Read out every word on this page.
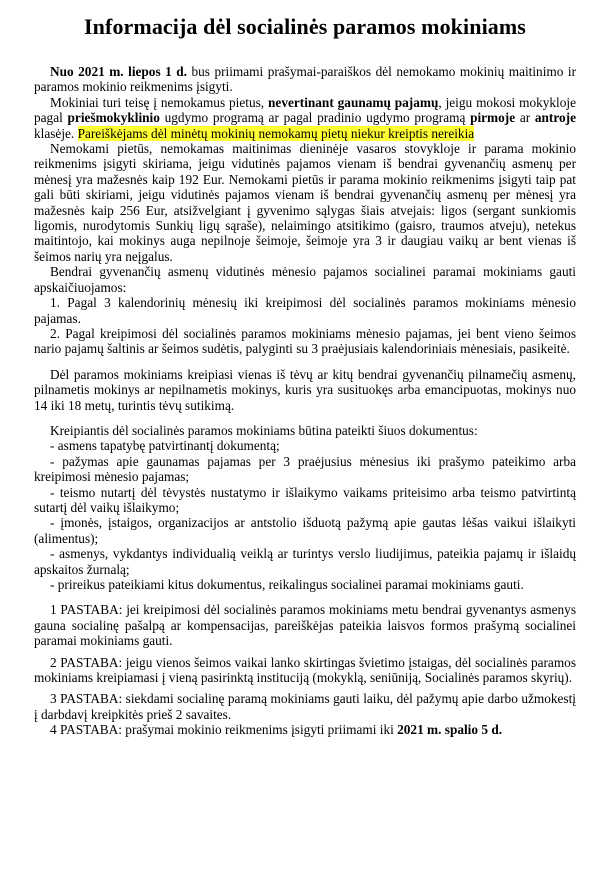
Informacija dėl socialinės paramos mokiniams

Nuo 2021 m. liepos 1 d. bus priimami prašymai-paraiškos dėl nemokamo mokinių maitinimo ir paramos mokinio reikmenims įsigyti.

Mokiniai turi teisę į nemokamus pietus, nevertinant gaunamų pajamų, jeigu mokosi mokykloje pagal priešmokyklinio ugdymo programą ar pagal pradinio ugdymo programą pirmoje ar antroje klasėje. Pareiškėjams dėl minėtų mokinių nemokamų pietų niekur kreiptis nereikia

Nemokami pietūs, nemokamas maitinimas dieninėje vasaros stovykloje ir parama mokinio reikmenims įsigyti skiriama, jeigu vidutinės pajamos vienam iš bendrai gyvenančių asmenų per mėnesį yra mažesnės kaip 192 Eur. Nemokami pietūs ir parama mokinio reikmenims įsigyti taip pat gali būti skiriami, jeigu vidutinės pajamos vienam iš bendrai gyvenančių asmenų per mėnesį yra mažesnės kaip 256 Eur, atsižvelgiant į gyvenimo sąlygas šiais atvejais: ligos (sergant sunkiomis ligomis, nurodytomis Sunkių ligų sąraše), nelaimingo atsitikimo (gaisro, traumos atveju), netekus maitintojo, kai mokinys auga nepilnoje šeimoje, šeimoje yra 3 ir daugiau vaikų ar bent vienas iš šeimos narių yra neįgalus.

Bendrai gyvenančių asmenų vidutinės mėnesio pajamos socialinei paramai mokiniams gauti apskaičiuojamos:

1. Pagal 3 kalendorinių mėnesių iki kreipimosi dėl socialinės paramos mokiniams mėnesio pajamas.

2. Pagal kreipimosi dėl socialinės paramos mokiniams mėnesio pajamas, jei bent vieno šeimos nario pajamų šaltinis ar šeimos sudėtis, palyginti su 3 praėjusiais kalendoriniais mėnesiais, pasikeitė.

Dėl paramos mokiniams kreipiasi vienas iš tėvų ar kitų bendrai gyvenančių pilnamečių asmenų, pilnametis mokinys ar nepilnametis mokinys, kuris yra susituokęs arba emancipuotas, mokinys nuo 14 iki 18 metų, turintis tėvų sutikimą.

Kreipiantis dėl socialinės paramos mokiniams būtina pateikti šiuos dokumentus:

- asmens tapatybę patvirtinantį dokumentą;

- pažymas apie gaunamas pajamas per 3 praėjusius mėnesius iki prašymo pateikimo arba kreipimosi mėnesio pajamas;

- teismo nutartį dėl tėvystės nustatymo ir išlaikymo vaikams priteisimo arba teismo patvirtintą sutartį dėl vaikų išlaikymo;

- įmonės, įstaigos, organizacijos ar antstolio išduotą pažymą apie gautas lėšas vaikui išlaikyti (alimentus);

- asmenys, vykdantys individualią veiklą ar turintys verslo liudijimus, pateikia pajamų ir išlaidų apskaitos žurnalą;

- prireikus pateikiami kitus dokumentus, reikalingus socialinei paramai mokiniams gauti.

1 PASTABA: jei kreipimosi dėl socialinės paramos mokiniams metu bendrai gyvenantys asmenys gauna socialinę pašalpą ar kompensacijas, pareiškėjas pateikia laisvos formos prašymą socialinei paramai mokiniams gauti.

2 PASTABA: jeigu vienos šeimos vaikai lanko skirtingas švietimo įstaigas, dėl socialinės paramos mokiniams kreipiamasi į vieną pasirinktą instituciją (mokyklą, seniūniją, Socialinės paramos skyrių).

3 PASTABA: siekdami socialinę paramą mokiniams gauti laiku, dėl pažymų apie darbo užmokestį į darbdavį kreipkitės prieš 2 savaites.

4 PASTABA: prašymai mokinio reikmenims įsigyti priimami iki 2021 m. spalio 5 d.
